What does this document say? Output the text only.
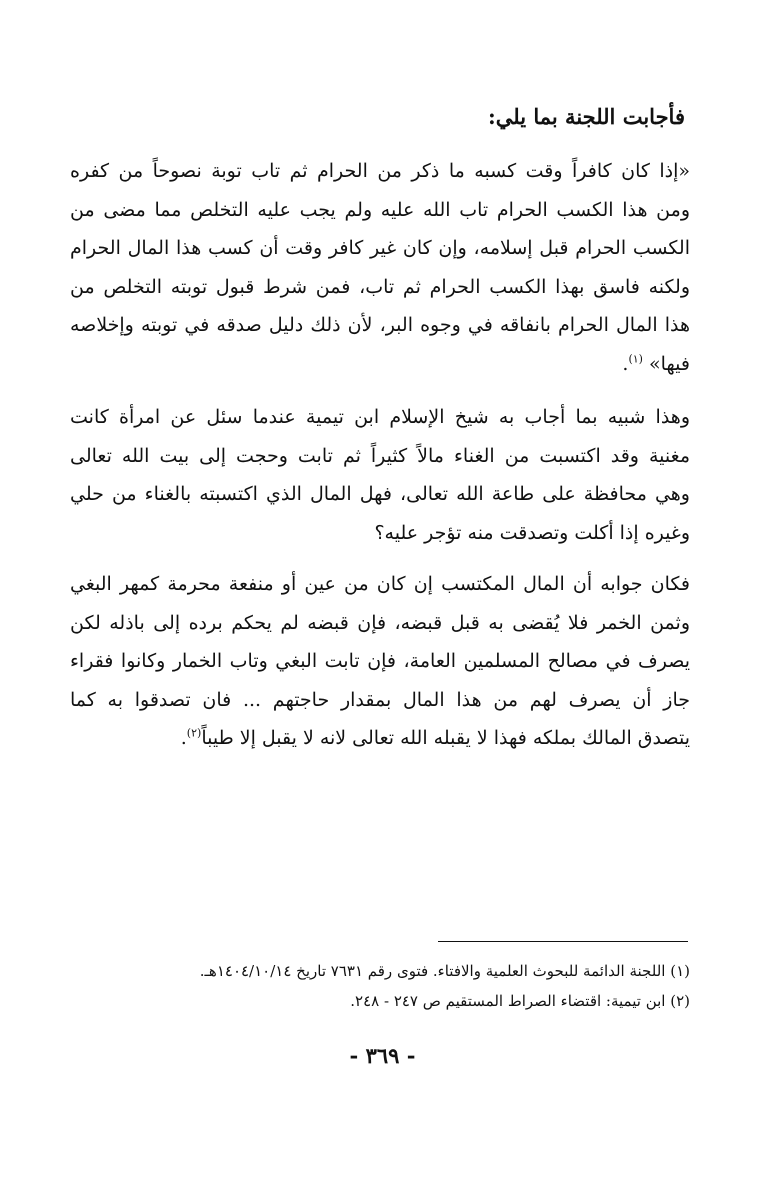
فأجابت اللجنة بما يلي:
«إذا كان كافراً وقت كسبه ما ذكر من الحرام ثم تاب توبة نصوحاً من كفره
ومن هذا الكسب الحرام تاب الله عليه ولم يجب عليه التخلص مما مضى من
الكسب الحرام قبل إسلامه، وإن كان غير كافر وقت أن كسب هذا المال الحرام
ولكنه فاسق بهذا الكسب الحرام ثم تاب، فمن شرط قبول توبته التخلص من
هذا المال الحرام بانفاقه في وجوه البر، لأن ذلك دليل صدقه في توبته وإخلاصه
فيها» $^{(١)}$.
وهذا شبيه بما أجاب به شيخ الإسلام ابن تيمية عندما سئل عن امرأة كانت
مغنية وقد اكتسبت من الغناء مالاً كثيراً ثم تابت وحجت إلى بيت الله تعالى
وهي محافظة على طاعة الله تعالى، فهل المال الذي اكتسبته بالغناء من حلي
وغيره إذا أكلت وتصدقت منه تؤجر عليه؟
فكان جوابه أن المال المكتسب إن كان من عين أو منفعة محرمة كمهر البغي
وثمن الخمر فلا يُقضى به قبل قبضه، فإن قبضه لم يحكم برده إلى باذله لكن
يصرف في مصالح المسلمين العامة، فإن تابت البغي وتاب الخمار وكانوا فقراء
جاز أن يصرف لهم من هذا المال بمقدار حاجتهم ... فان تصدقوا به كما
يتصدق المالك بملكه فهذا لا يقبله الله تعالى لانه لا يقبل إلا طيباً$^{(٢)}$.
(١) اللجنة الدائمة للبحوث العلمية والافتاء. فتوى رقم ٧٦٣١ تاريخ ١٤٠٤/١٠/١٤هـ.
(٢) ابن تيمية: اقتضاء الصراط المستقيم ص ٢٤٧ - ٢٤٨.
- ٣٦٩ -
